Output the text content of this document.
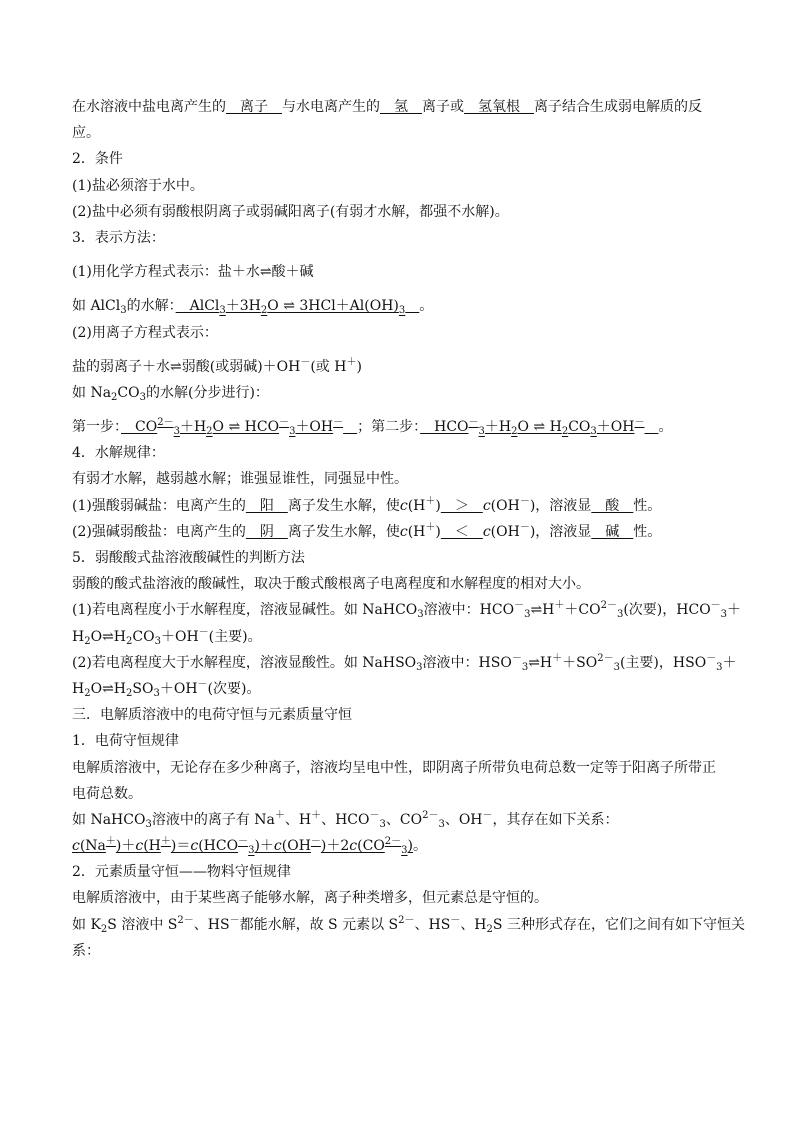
在水溶液中盐电离产生的　离子　与水电离产生的　氢　离子或　氢氧根　离子结合生成弱电解质的反
应。
2．条件
(1)盐必须溶于水中。
(2)盐中必须有弱酸根阴离子或弱碱阳离子(有弱才水解，都强不水解)。
3．表示方法：
(1)用化学方程式表示：盐＋水⇌酸＋碱
如 AlCl$_3$的水解：　$AlCl_3+3H_2O$ ⇌ $3HCl+Al(OH)_3$　 。
(2)用离子方程式表示：
盐的弱离子＋水⇌弱酸(或弱碱)＋OH－(或 H＋)
如 $Na_2CO_3$的水解(分步进行)：
第一步：　$CO^{2-}_3+H_2O$ ⇌ $HCO^-_3+OH^-$　 ；第二步：　$HCO^-_3+H_2O$ ⇌ $H_2CO_3+OH^-$　 。
4．水解规律：
有弱才水解，越弱越水解；谁强显谁性，同强显中性。
(1)强酸弱碱盐：电离产生的　阳　离子发生水解，使c(H＋)　＞　c(OH－)，溶液显　酸　性。
(2)强碱弱酸盐：电离产生的　阴　离子发生水解，使c(H＋)　＜　c(OH－)，溶液显　碱　性。
5．弱酸酸式盐溶液酸碱性的判断方法
弱酸的酸式盐溶液的酸碱性，取决于酸式酸根离子电离程度和水解程度的相对大小。
(1)若电离程度小于水解程度，溶液显碱性。如 NaHCO$_3$溶液中：$HCO^-_3\rightleftharpoons H^++CO^{2-}_3$(次要)，$HCO^-_3+$
$H_2O\rightleftharpoons H_2CO_3+OH^-$(主要)。
(2)若电离程度大于水解程度，溶液显酸性。如 NaHSO$_3$溶液中：$HSO^-_3\rightleftharpoons H^++SO^{2-}_3$(主要)，$HSO^-_3+$
$H_2O\rightleftharpoons H_2SO_3+OH^-$(次要)。
三．电解质溶液中的电荷守恒与元素质量守恒
1．电荷守恒规律
电解质溶液中，无论存在多少种离子，溶液均呈电中性，即阴离子所带负电荷总数一定等于阳离子所带正
电荷总数。
如 NaHCO$_3$溶液中的离子有 Na＋、H＋、$HCO^-_3$、$CO^{2-}_3$、OH－，其存在如下关系：
$c(Na^+)+c(H^+)=c(HCO^-_3)+c(OH^-)+2c(CO^{2-}_3)$。
2．元素质量守恒——物料守恒规律
电解质溶液中，由于某些离子能够水解，离子种类增多，但元素总是守恒的。
如 $K_2S$ 溶液中 $S^{2-}$、HS－都能水解，故 S 元素以 $S^{2-}$、HS－、$H_2S$ 三种形式存在，它们之间有如下守恒关
系：
